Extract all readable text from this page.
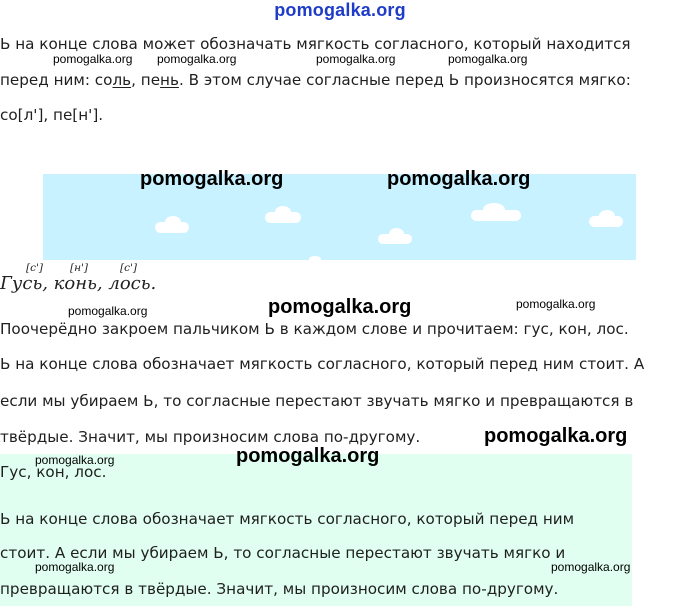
pomogalka.org
Ь на конце слова может обозначать мягкость согласного, который находится
перед ним: соль, пень. В этом случае согласные перед Ь произносятся мягко:
со[л'], пе[н'].
pomogalka.org pomogalka.org	pomogalka.org	pomogalka.org
pomogalka.org	pomogalka.org
[с']	[н']	[с']
Гусь, конь, лось.
pomogalka.org
pomogalka.org	pomogalka.org
Поочерёдно закроем пальчиком Ь в каждом слове и прочитаем: гус, кон, лос.
Ь на конце слова обозначает мягкость согласного, который перед ним стоит. А
если мы убираем Ь, то согласные перестают звучать мягко и превращаются в
твёрдые. Значит, мы произносим слова по-другому.	pomogalka.org
pomogalka.org
pomogalka.org
Гус, кон, лос.
Ь на конце слова обозначает мягкость согласного, который перед ним
стоит. А если мы убираем Ь, то согласные перестают звучать мягко и
превращаются в твёрдые. Значит, мы произносим слова по-другому.
pomogalka.org	pomogalka.org
